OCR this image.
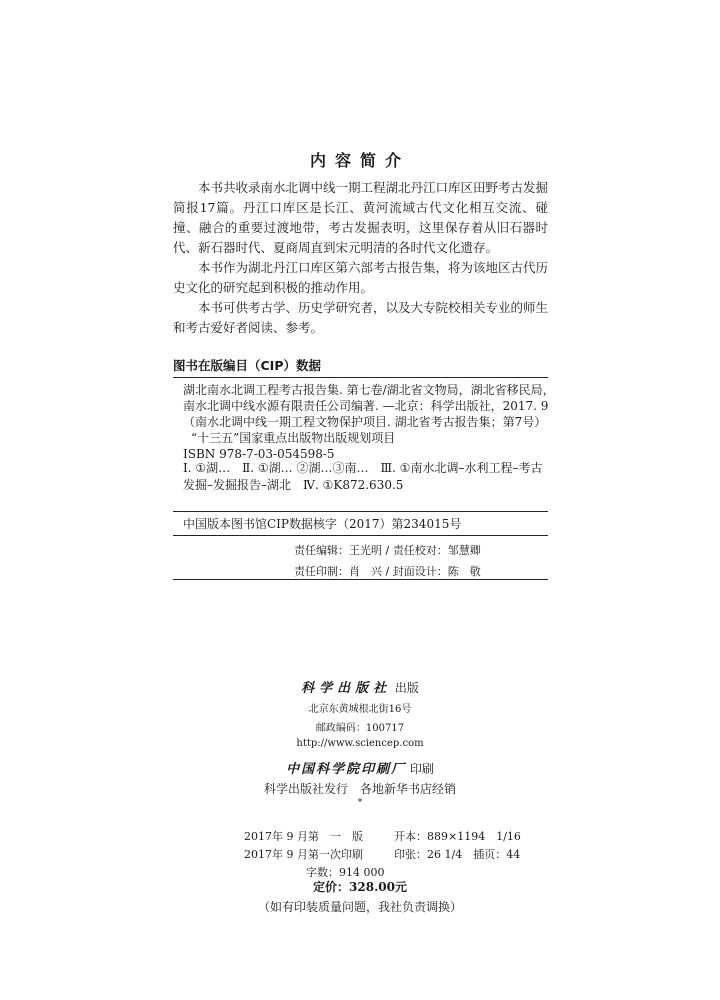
内容简介

本书共收录南水北调中线一期工程湖北丹江口库区田野考古发掘简报17篇。丹江口库区是长江、黄河流域古代文化相互交流、碰撞、融合的重要过渡地带，考古发掘表明，这里保存着从旧石器时代、新石器时代、夏商周直到宋元明清的各时代文化遗存。

本书作为湖北丹江口库区第六部考古报告集，将为该地区古代历史文化的研究起到积极的推动作用。

本书可供考古学、历史学研究者，以及大专院校相关专业的师生和考古爱好者阅读、参考。

图书在版编目（CIP）数据
湖北南水北调工程考古报告集. 第七卷/湖北省文物局，湖北省移民局，
南水北调中线水源有限责任公司编著. —北京：科学出版社，2017. 9
（南水北调中线一期工程文物保护项目. 湖北省考古报告集；第7号）
“十三五”国家重点出版物出版规划项目
ISBN 978-7-03-054598-5
Ⅰ. ①湖…　Ⅱ. ①湖… ②湖…③南…　Ⅲ. ①南水北调–水利工程–考古
发掘–发掘报告–湖北　Ⅳ. ①K872.630.5
中国版本图书馆CIP数据核字（2017）第234015号
责任编辑：王光明 / 责任校对：邹慧卿
责任印制：肖　兴 / 封面设计：陈　敬
科学出版社 出版
北京东黄城根北街16号
邮政编码：100717
http://www.sciencep.com
中国科学院印刷厂 印刷
科学出版社发行　各地新华书店经销
*
2017年 9 月第　一　版	开本：889×1194　1/16
2017年 9 月第一次印刷	印张：26 1/4　插页：44
字数：914 000
定价：328.00元
（如有印装质量问题，我社负责调换）
